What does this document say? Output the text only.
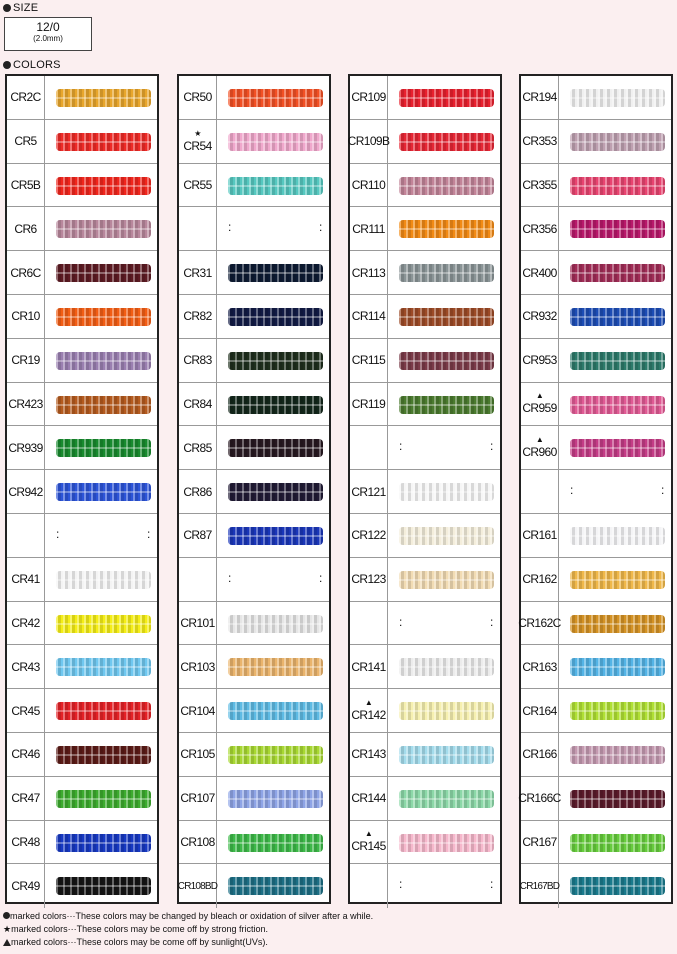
SIZE
12/0
(2.0mm)
COLORS
CR2C
CR5
CR5B
CR6
CR6C
CR10
CR19
CR423
CR939
CR942
:	:
CR41
CR42
CR43
CR45
CR46
CR47
CR48
CR49
CR50
★
CR54
CR55
:	:
CR31
CR82
CR83
CR84
CR85
CR86
CR87
:	:
CR101
CR103
CR104
CR105
CR107
CR108
CR108BD
CR109
CR109B
CR110
CR111
CR113
CR114
CR115
CR119
:	:
CR121
CR122
CR123
:	:
CR141
▲
CR142
CR143
CR144
▲
CR145
:	:
CR194
CR353
CR355
CR356
CR400
CR932
CR953
▲
CR959
▲
CR960
:	:
CR161
CR162
CR162C
CR163
CR164
CR166
CR166C
CR167
CR167BD
marked colors···These colors may be changed by bleach or oxidation of silver after a while.
★marked colors···These colors may be come off by strong friction.
marked colors···These colors may be come off by sunlight(UVs).
